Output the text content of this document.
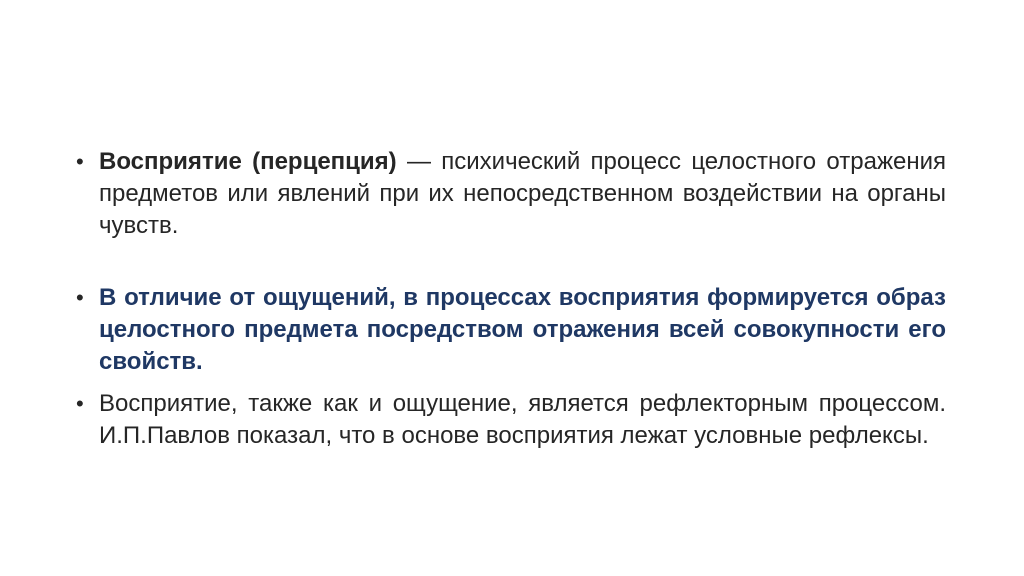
• Восприятие (перцепция) — психический процесс целостного отражения предметов или явлений при их непосредственном воздействии на органы чувств.
• В отличие от ощущений, в процессах восприятия формируется образ целостного предмета посредством отражения всей совокупности его свойств.
• Восприятие, также как и ощущение, является рефлекторным процессом. И.П.Павлов показал, что в основе восприятия лежат условные рефлексы.
